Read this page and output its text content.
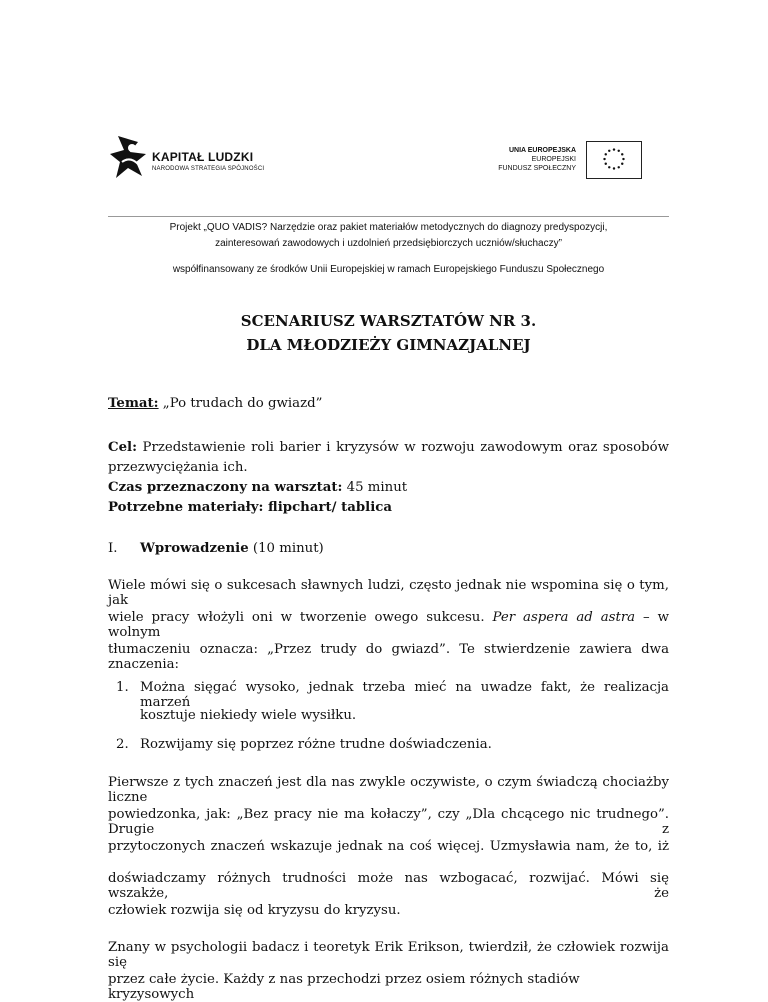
KAPITAŁ LUDZKI
NARODOWA STRATEGIA SPÓJNOŚCI
UNIA EUROPEJSKA
EUROPEJSKI
FUNDUSZ SPOŁECZNY
Projekt „QUO VADIS? Narzędzie oraz pakiet materiałów metodycznych do diagnozy predyspozycji,
zainteresowań zawodowych i uzdolnień przedsiębiorczych uczniów/słuchaczy”
współfinansowany ze środków Unii Europejskiej w ramach Europejskiego Funduszu Społecznego
SCENARIUSZ WARSZTATÓW NR 3.
DLA MŁODZIEŻY GIMNAZJALNEJ
Temat: „Po trudach do gwiazd”
Cel: Przedstawienie roli barier i kryzysów w rozwoju zawodowym oraz sposobów
przezwyciężania ich.
Czas przeznaczony na warsztat: 45 minut
Potrzebne materiały: flipchart/ tablica
I. Wprowadzenie (10 minut)
Wiele mówi się o sukcesach sławnych ludzi, często jednak nie wspomina się o tym, jak
wiele pracy włożyli oni w tworzenie owego sukcesu. Per aspera ad astra – w wolnym
tłumaczeniu oznacza: „Przez trudy do gwiazd”. Te stwierdzenie zawiera dwa znaczenia:
1. Można sięgać wysoko, jednak trzeba mieć na uwadze fakt, że realizacja marzeń
kosztuje niekiedy wiele wysiłku.
2. Rozwijamy się poprzez różne trudne doświadczenia.
Pierwsze z tych znaczeń jest dla nas zwykle oczywiste, o czym świadczą chociażby liczne
powiedzonka, jak: „Bez pracy nie ma kołaczy”, czy „Dla chcącego nic trudnego”. Drugie z
przytoczonych znaczeń wskazuje jednak na coś więcej. Uzmysławia nam, że to, iż
doświadczamy różnych trudności może nas wzbogacać, rozwijać. Mówi się wszakże, że
człowiek rozwija się od kryzysu do kryzysu.
Znany w psychologii badacz i teoretyk Erik Erikson, twierdził, że człowiek rozwija się
przez całe życie. Każdy z nas przechodzi przez osiem różnych stadiów kryzysowych
